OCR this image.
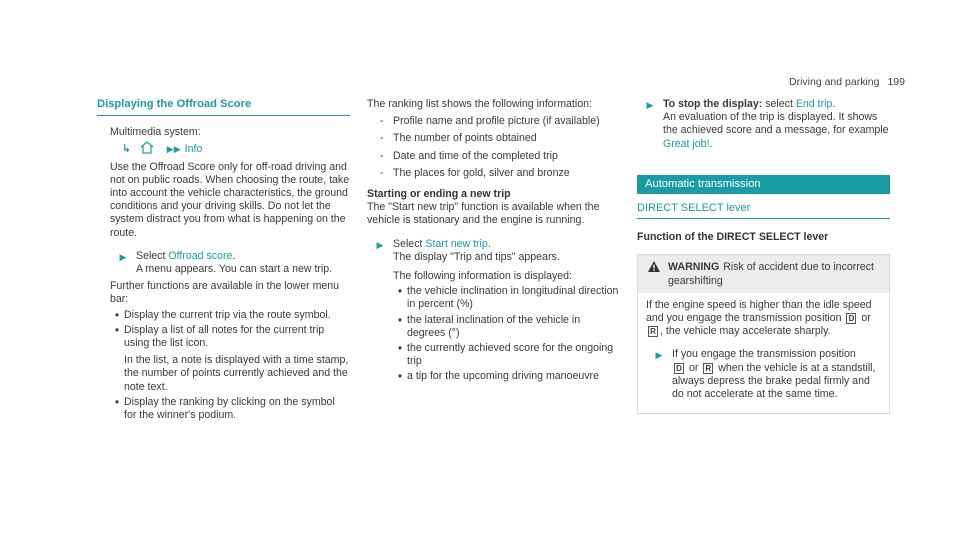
Driving and parking 199
Displaying the Offroad Score

Multimedia system:

↳	▶▶ Info

Use the Offroad Score only for off-road driving and not on public roads. When choosing the route, take into account the vehicle characteristics, the ground conditions and your driving skills. Do not let the system distract you from what is happening on the route.

▶ Select Offroad score.

A menu appears. You can start a new trip.

Further functions are available in the lower menu bar:

• Display the current trip via the route symbol.
• Display a list of all notes for the current trip using the list icon.

In the list, a note is displayed with a time stamp, the number of points currently achieved and the note text.

• Display the ranking by clicking on the symbol for the winner's podium.

The ranking list shows the following information:

- Profile name and profile picture (if available)
- The number of points obtained
- Date and time of the completed trip
- The places for gold, silver and bronze

Starting or ending a new trip

The "Start new trip" function is available when the vehicle is stationary and the engine is running.

▶ Select Start new trip.

The display "Trip and tips" appears.

The following information is displayed:

• the vehicle inclination in longitudinal direction in percent (%)
• the lateral inclination of the vehicle in degrees (°)
• the currently achieved score for the ongoing trip
• a tip for the upcoming driving manoeuvre
▶ To stop the display: select End trip.

An evaluation of the trip is displayed. It shows the achieved score and a message, for example Great job!.

Automatic transmission
DIRECT SELECT lever

Function of the DIRECT SELECT lever

WARNING Risk of accident due to incorrect gearshifting

If the engine speed is higher than the idle speed and you engage the transmission position D or R , the vehicle may accelerate sharply.

▶ If you engage the transmission position
D or R when the vehicle is at a standstill, always depress the brake pedal firmly and do not accelerate at the same time.
